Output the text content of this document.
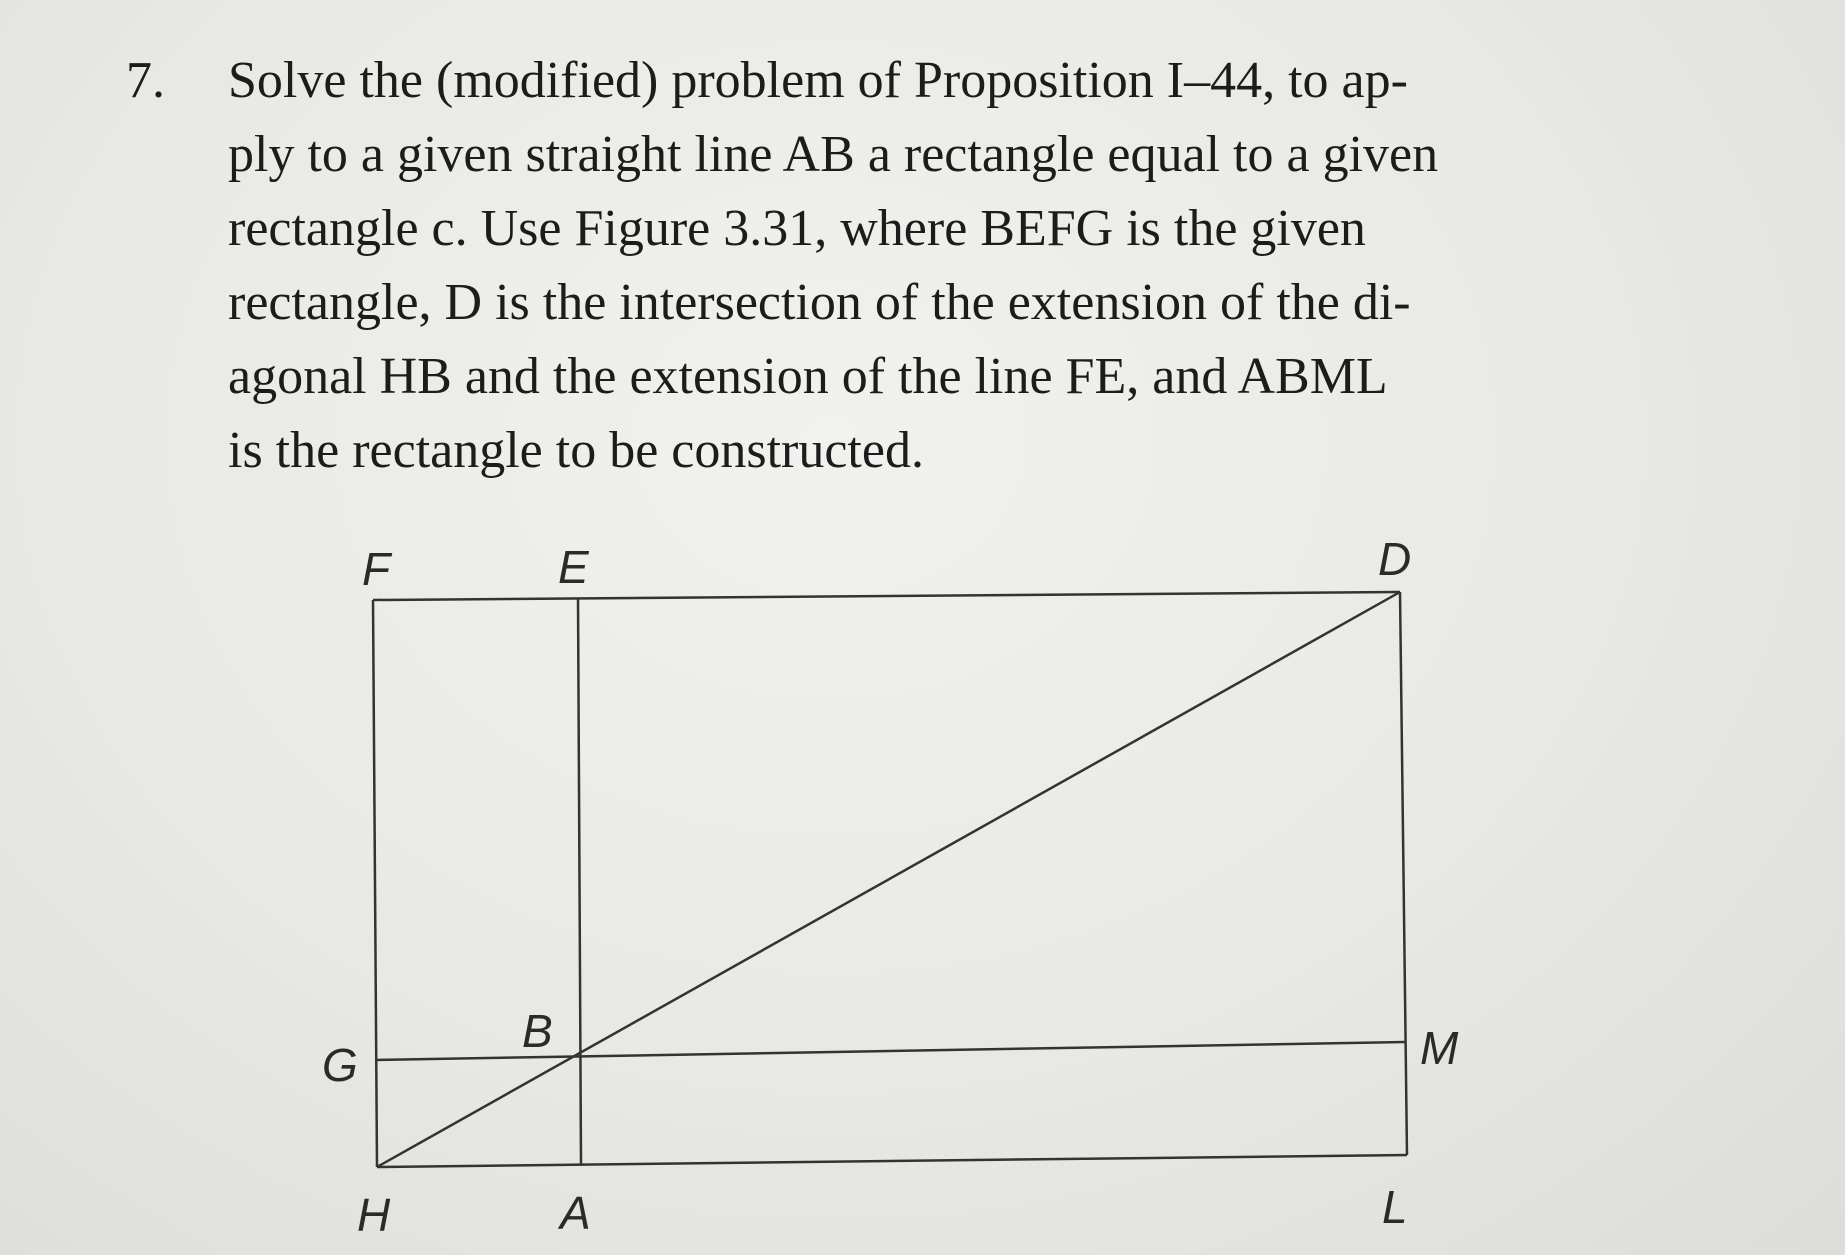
7. Solve the (modified) problem of Proposition I–44, to ap-
ply to a given straight line AB a rectangle equal to a given
rectangle c. Use Figure 3.31, where BEFG is the given
rectangle, D is the intersection of the extension of the di-
agonal HB and the extension of the line FE, and ABML
is the rectangle to be constructed.
F	E	D
G
B	M
H	A	L
